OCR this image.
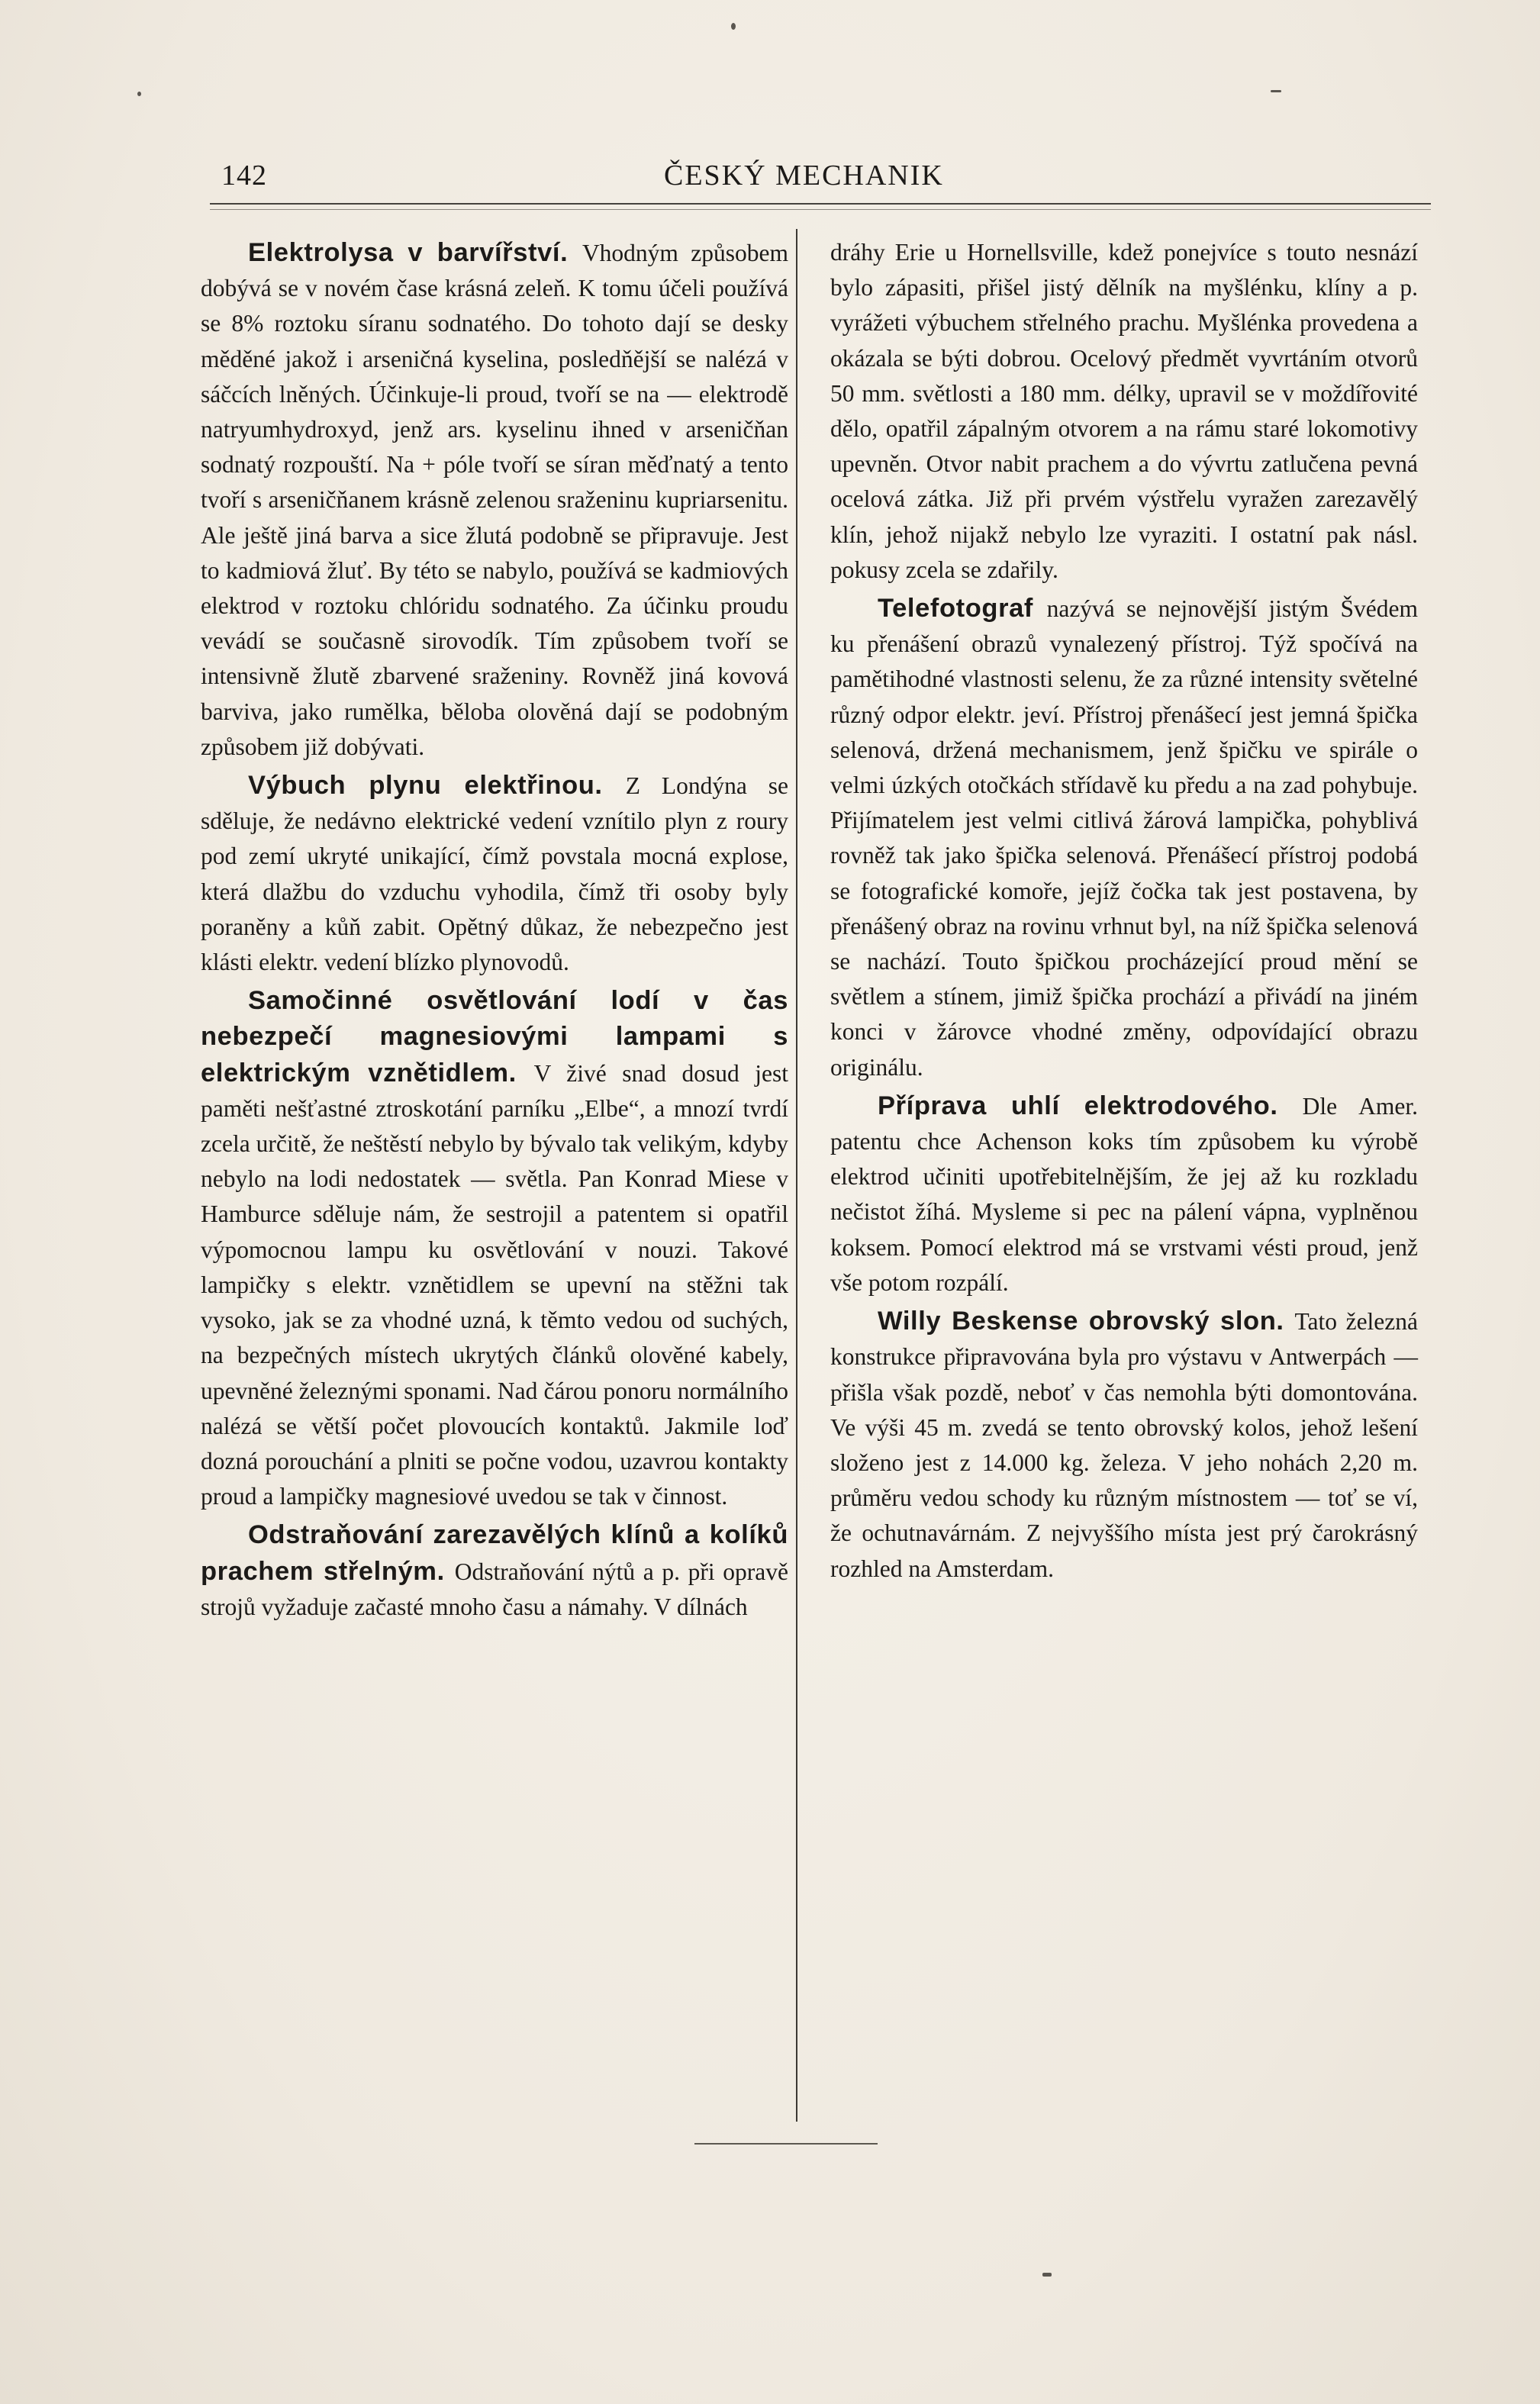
142	ČESKÝ MECHANIK

Elektrolysa v barvířství. Vhodným způsobem dobývá se v novém čase krásná zeleň. K tomu účeli používá se 8% roztoku síranu sodnatého. Do tohoto dají se desky měděné jakož i arseničná kyselina, posledňější se nalézá v sáčcích lněných. Účinkuje-li proud, tvoří se na — elektrodě natryumhydroxyd, jenž ars. kyselinu ihned v arseničňan sodnatý rozpouští. Na + póle tvoří se síran měďnatý a tento tvoří s arseničňanem krásně zelenou sraženinu kupriarsenitu. Ale ještě jiná barva a sice žlutá podobně se připravuje. Jest to kadmiová žluť. By této se nabylo, používá se kadmiových elektrod v roztoku chlóridu sodnatého. Za účinku proudu vevádí se současně sirovodík. Tím způsobem tvoří se intensivně žlutě zbarvené sraženiny. Rovněž jiná kovová barviva, jako rumělka, běloba olověná dají se podobným způsobem již dobývati.

Výbuch plynu elektřinou. Z Londýna se sděluje, že nedávno elektrické vedení vznítilo plyn z roury pod zemí ukryté unikající, čímž povstala mocná explose, která dlažbu do vzduchu vyhodila, čímž tři osoby byly poraněny a kůň zabit. Opětný důkaz, že nebezpečno jest klásti elektr. vedení blízko plynovodů.

Samočinné osvětlování lodí v čas nebezpečí magnesiovými lampami s elektrickým vznětidlem. V živé snad dosud jest paměti nešťastné ztroskotání parníku „Elbe“, a mnozí tvrdí zcela určitě, že neštěstí nebylo by bývalo tak velikým, kdyby nebylo na lodi nedostatek — světla. Pan Konrad Miese v Hamburce sděluje nám, že sestrojil a patentem si opatřil výpomocnou lampu ku osvětlování v nouzi. Takové lampičky s elektr. vznětidlem se upevní na stěžni tak vysoko, jak se za vhodné uzná, k těmto vedou od suchých, na bezpečných místech ukrytých článků olověné kabely, upevněné železnými sponami. Nad čárou ponoru normálního nalézá se větší počet plovoucích kontaktů. Jakmile loď dozná porouchání a plniti se počne vodou, uzavrou kontakty proud a lampičky magnesiové uvedou se tak v činnost.

Odstraňování zarezavělých klínů a kolíků prachem střelným. Odstraňování nýtů a p. při opravě strojů vyžaduje začasté mnoho času a námahy. V dílnách

dráhy Erie u Hornellsville, kdež ponejvíce s touto nesnází bylo zápasiti, přišel jistý dělník na myšlénku, klíny a p. vyrážeti výbuchem střelného prachu. Myšlénka provedena a okázala se býti dobrou. Ocelový předmět vyvrtáním otvorů 50 mm. světlosti a 180 mm. délky, upravil se v moždířovité dělo, opatřil zápalným otvorem a na rámu staré lokomotivy upevněn. Otvor nabit prachem a do vývrtu zatlučena pevná ocelová zátka. Již při prvém výstřelu vyražen zarezavělý klín, jehož nijakž nebylo lze vyraziti. I ostatní pak násl. pokusy zcela se zdařily.

Telefotograf nazývá se nejnovější jistým Švédem ku přenášení obrazů vynalezený přístroj. Týž spočívá na pamětihodné vlastnosti selenu, že za různé intensity světelné různý odpor elektr. jeví. Přístroj přenášecí jest jemná špička selenová, držená mechanismem, jenž špičku ve spirále o velmi úzkých otočkách střídavě ku předu a na zad pohybuje. Přijímatelem jest velmi citlivá žárová lampička, pohyblivá rovněž tak jako špička selenová. Přenášecí přístroj podobá se fotografické komoře, jejíž čočka tak jest postavena, by přenášený obraz na rovinu vrhnut byl, na níž špička selenová se nachází. Touto špičkou procházející proud mění se světlem a stínem, jimiž špička prochází a přivádí na jiném konci v žárovce vhodné změny, odpovídající obrazu originálu.

Příprava uhlí elektrodového. Dle Amer. patentu chce Achenson koks tím způsobem ku výrobě elektrod učiniti upotřebitelnějším, že jej až ku rozkladu nečistot žíhá. Mysleme si pec na pálení vápna, vyplněnou koksem. Pomocí elektrod má se vrstvami vésti proud, jenž vše potom rozpálí.

Willy Beskense obrovský slon. Tato železná konstrukce připravována byla pro výstavu v Antwerpách — přišla však pozdě, neboť v čas nemohla býti domontována. Ve výši 45 m. zvedá se tento obrovský kolos, jehož lešení složeno jest z 14.000 kg. železa. V jeho nohách 2,20 m. průměru vedou schody ku různým místnostem — toť se ví, že ochutnavárnám. Z nejvyššího místa jest prý čarokrásný rozhled na Amsterdam.
